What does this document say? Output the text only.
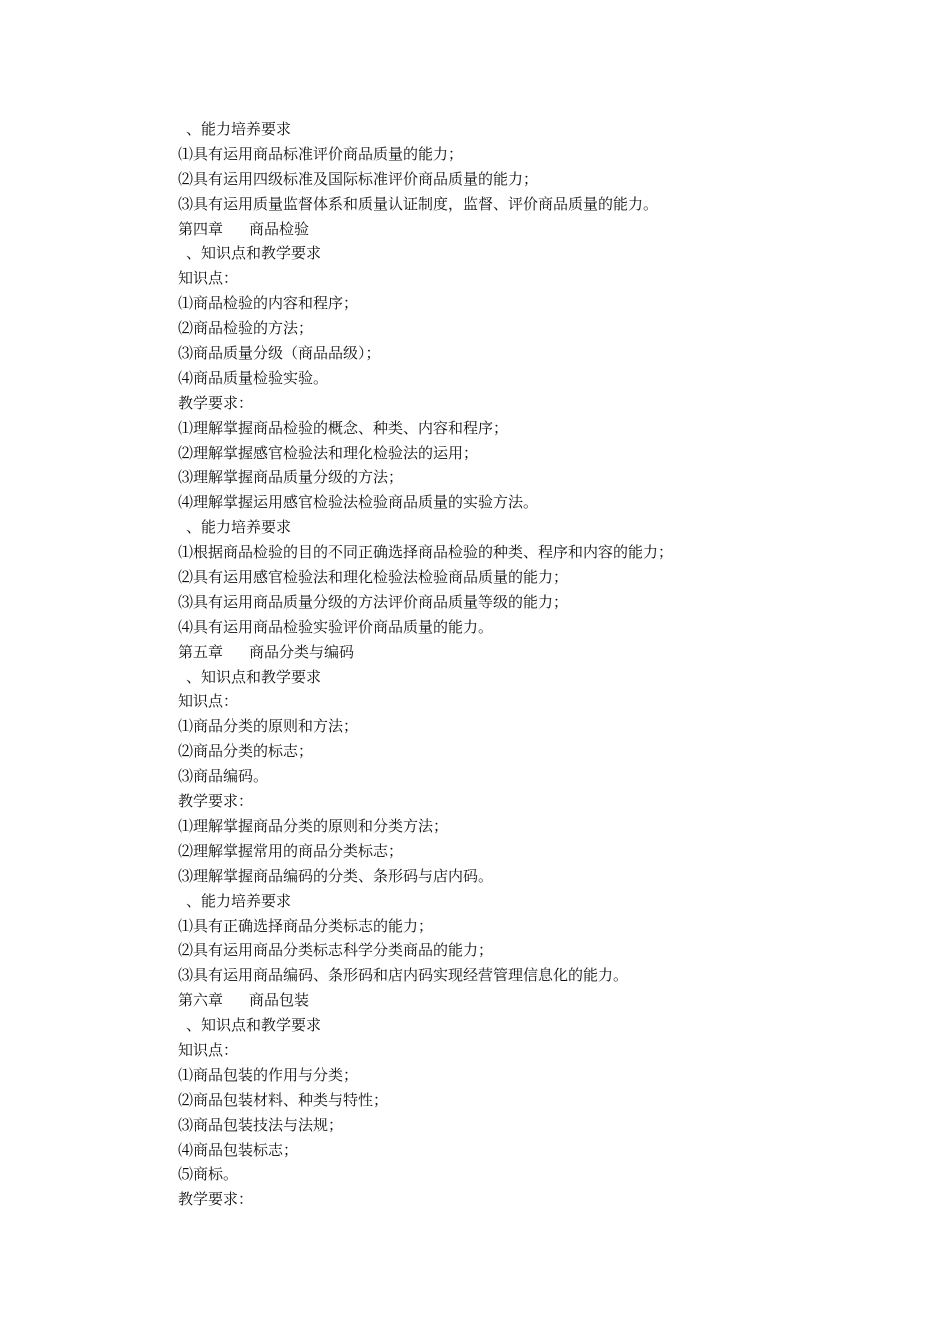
、能力培养要求
⑴具有运用商品标准评价商品质量的能力；
⑵具有运用四级标准及国际标准评价商品质量的能力；
⑶具有运用质量监督体系和质量认证制度，监督、评价商品质量的能力。
第四章 商品检验
、知识点和教学要求
知识点：
⑴商品检验的内容和程序；
⑵商品检验的方法；
⑶商品质量分级（商品品级）；
⑷商品质量检验实验。
教学要求：
⑴理解掌握商品检验的概念、种类、内容和程序；
⑵理解掌握感官检验法和理化检验法的运用；
⑶理解掌握商品质量分级的方法；
⑷理解掌握运用感官检验法检验商品质量的实验方法。
、能力培养要求
⑴根据商品检验的目的不同正确选择商品检验的种类、程序和内容的能力；
⑵具有运用感官检验法和理化检验法检验商品质量的能力；
⑶具有运用商品质量分级的方法评价商品质量等级的能力；
⑷具有运用商品检验实验评价商品质量的能力。
第五章 商品分类与编码
、知识点和教学要求
知识点：
⑴商品分类的原则和方法；
⑵商品分类的标志；
⑶商品编码。
教学要求：
⑴理解掌握商品分类的原则和分类方法；
⑵理解掌握常用的商品分类标志；
⑶理解掌握商品编码的分类、条形码与店内码。
、能力培养要求
⑴具有正确选择商品分类标志的能力；
⑵具有运用商品分类标志科学分类商品的能力；
⑶具有运用商品编码、条形码和店内码实现经营管理信息化的能力。
第六章 商品包装
、知识点和教学要求
知识点：
⑴商品包装的作用与分类；
⑵商品包装材料、种类与特性；
⑶商品包装技法与法规；
⑷商品包装标志；
⑸商标。
教学要求：
